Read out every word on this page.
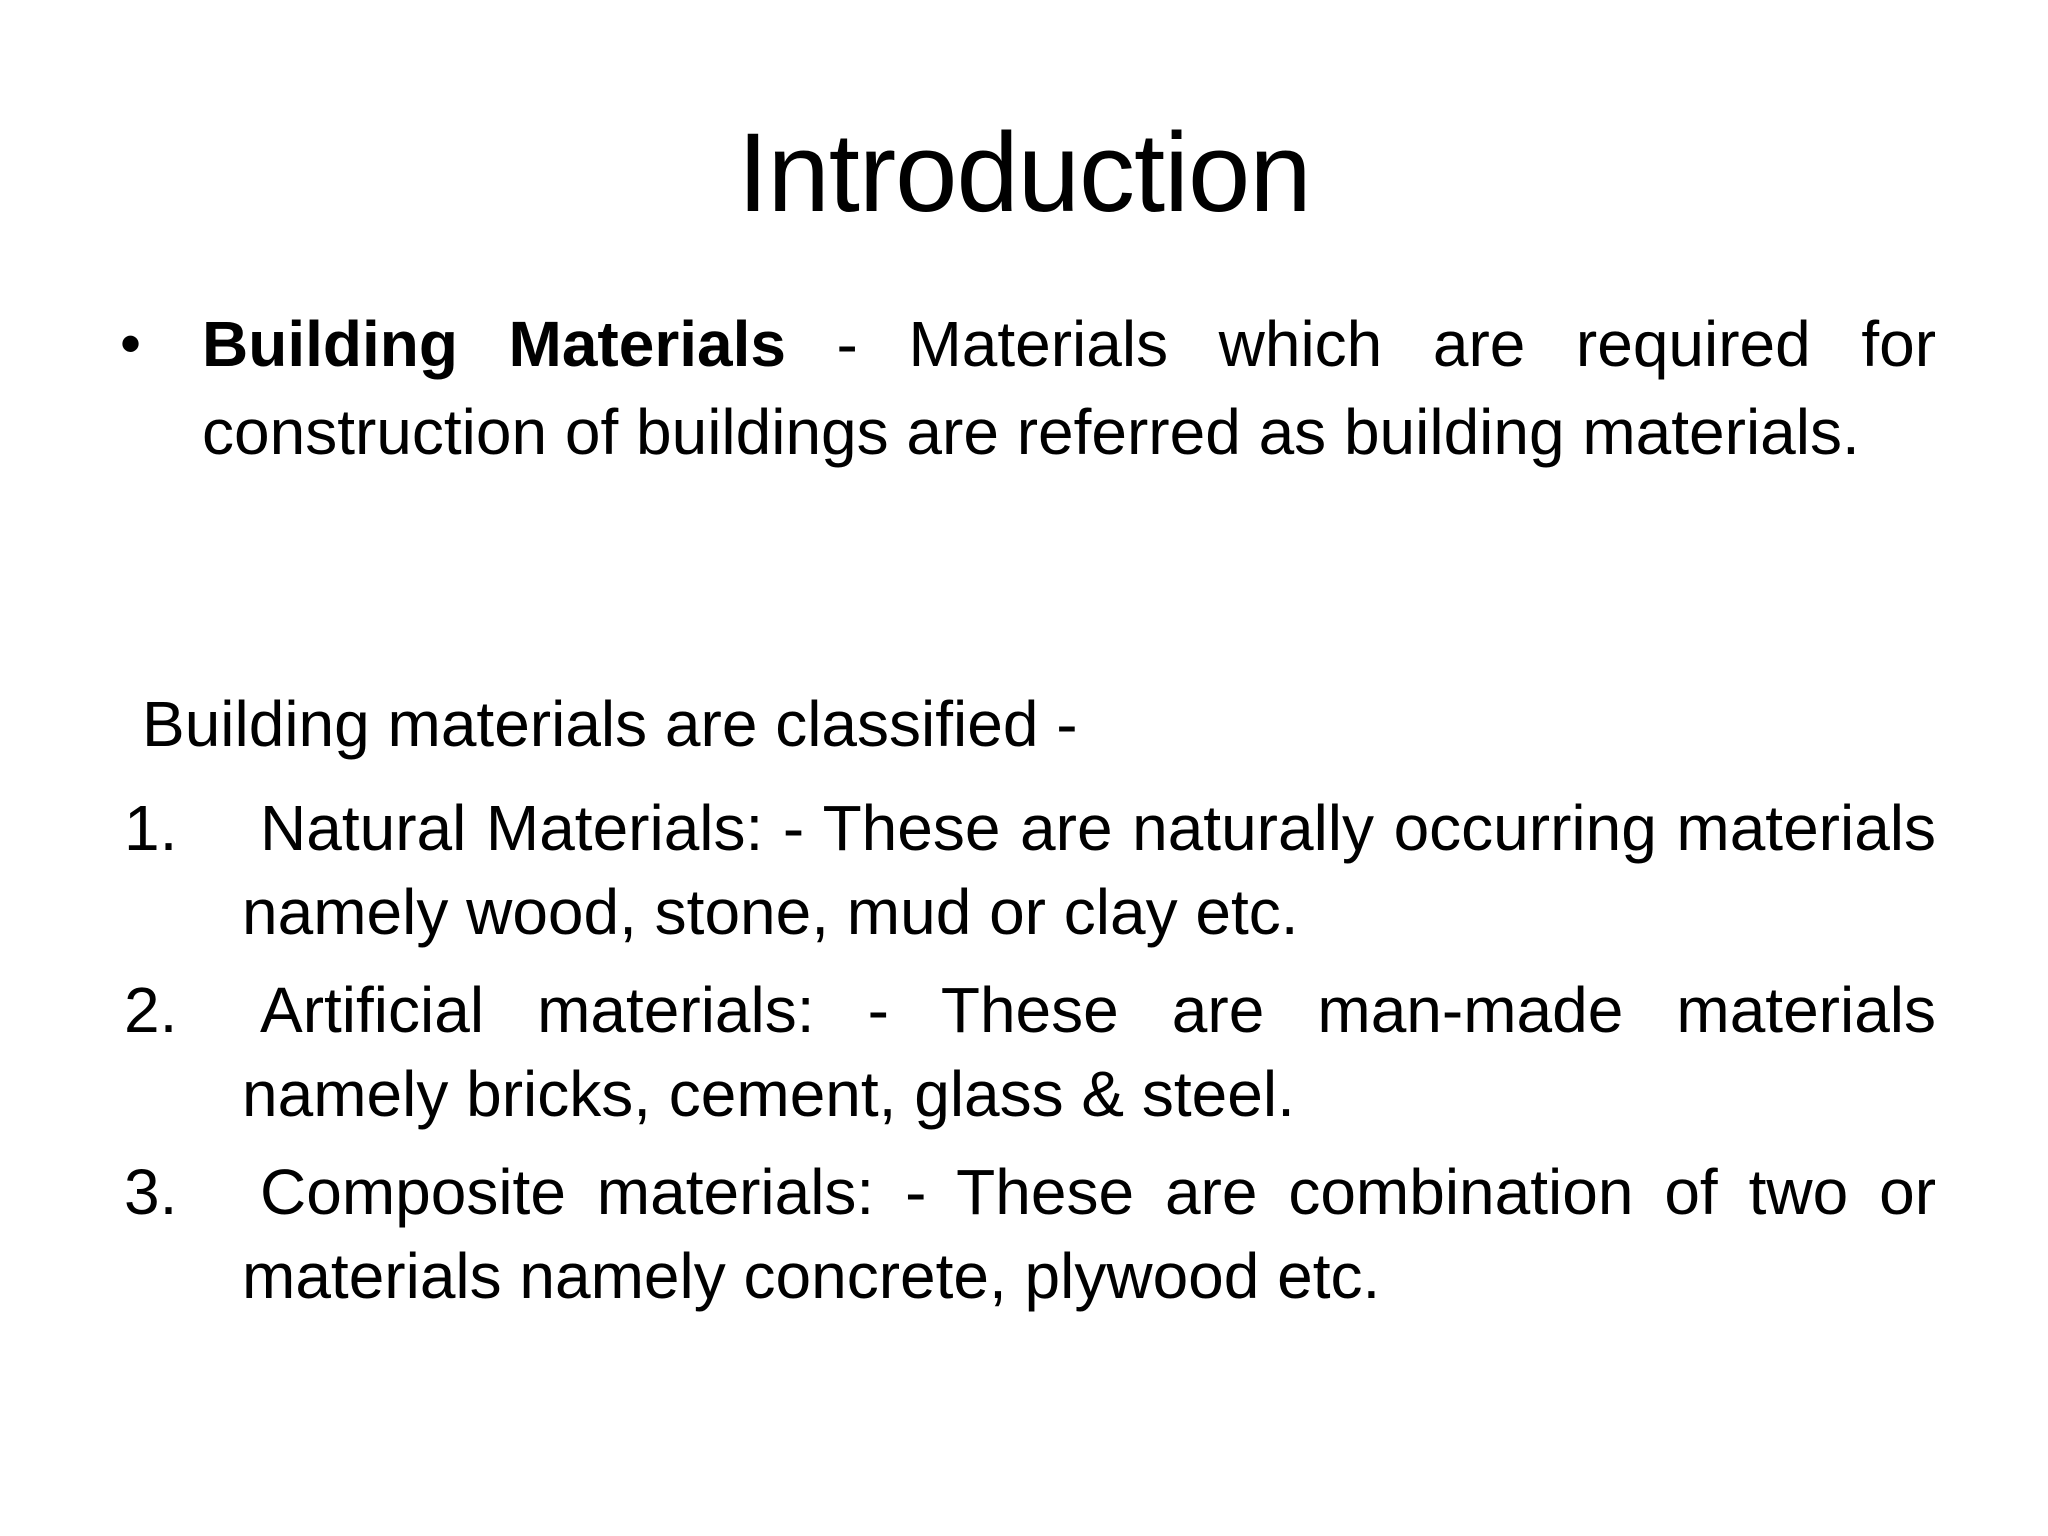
Introduction
• Building Materials - Materials which are required for construction of buildings are referred as building materials.
Building materials are classified -
1. Natural Materials: - These are naturally occurring materials namely wood, stone, mud or clay etc.
2. Artificial materials: - These are man-made materials namely bricks, cement, glass & steel.
3. Composite materials: - These are combination of two or materials namely concrete, plywood etc.
